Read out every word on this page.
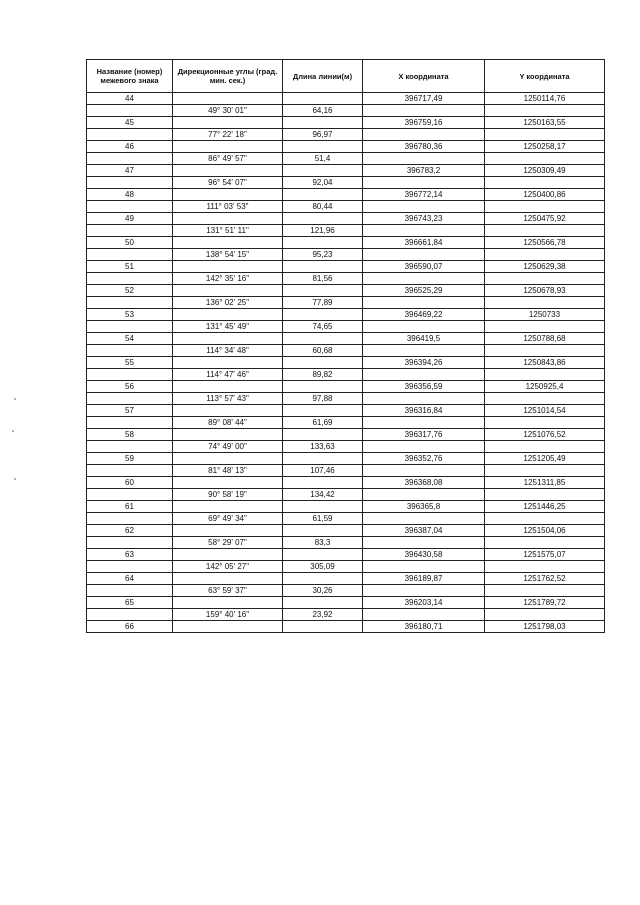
Название (номер) межевого знака	Дирекционные углы (град. мин. сек.)	Длина линии(м)	X координата	Y координата
44			396717,49	1250114,76
	49° 30' 01"	64,16		
45			396759,16	1250163,55
	77° 22' 18"	96,97		
46			396780,36	1250258,17
	86° 49' 57"	51,4		
47			396783,2	1250309,49
	96° 54' 07"	92,04		
48			396772,14	1250400,86
	111° 03' 53"	80,44		
49			396743,23	1250475,92
	131° 51' 11"	121,96		
50			396661,84	1250566,78
	138° 54' 15"	95,23		
51			396590,07	1250629,38
	142° 35' 16"	81,56		
52			396525,29	1250678,93
	136° 02' 25"	77,89		
53			396469,22	1250733
	131° 45' 49"	74,65		
54			396419,5	1250788,68
	114° 34' 48"	60,68		
55			396394,26	1250843,86
	114° 47' 46"	89,82		
56			396356,59	1250925,4
	113° 57' 43"	97,88		
57			396316,84	1251014,54
	89° 08' 44"	61,69		
58			396317,76	1251076,52
	74° 49' 00"	133,63		
59			396352,76	1251205,49
	81° 48' 13"	107,46		
60			396368,08	1251311,85
	90° 58' 19"	134,42		
61			396365,8	1251446,25
	69° 49' 34"	61,59		
62			396387,04	1251504,06
	58° 29' 07"	83,3		
63			396430,58	1251575,07
	142° 05' 27"	305,09		
64			396189,87	1251762,52
	63° 59' 37"	30,26		
65			396203,14	1251789,72
	159° 40' 16"	23,92		
66			396180,71	1251798,03
